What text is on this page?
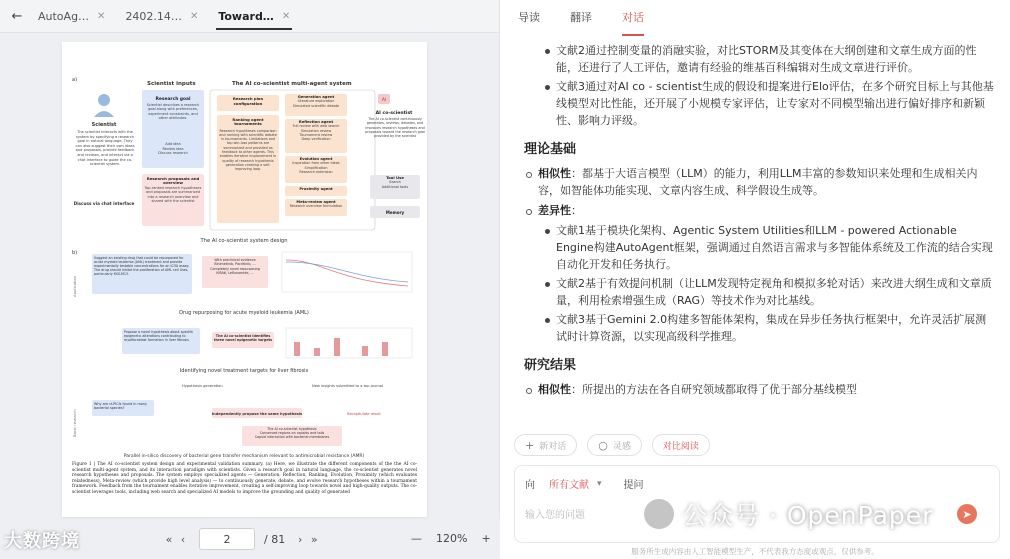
←	AutoAg… ✕ 2402.14… ✕ Toward… ✕
a)
Scientist inputs	The AI co-scientist multi-agent system
Scientist
The scientist interacts with the system by specifying a research goal in natural language. They can also suggest their own ideas and proposals, provide feedback and reviews, and interact via a chat interface to guide the co-scientist system.
Discuss via chat interface
Research goal
Scientist describes a research goal along with preferences, experiment constraints, and other attributes.
Add idea
Review idea
Discuss research
Research proposals and overview
Top-ranked research hypotheses and proposals are summarized into a research overview and shared with the scientist
Research plan configuration
Ranking agent tournaments
Research hypotheses comparison and ranking with scientific debate in tournaments. Limitations and top win-loss patterns are summarized and provided as feedback to other agents. This enables iterative improvement in quality of research hypothesis generation creating a self-improving loop.
Generation agent
Literature exploration
Simulated scientific debate
Reflection agent
Full review with web search
Simulation review
Tournament review
Deep verification
Evolution agent
Inspiration from other ideas
Simplification
Research extension
Proximity agent
Meta-review agent
Research overview formulation
AI
AI co-scientist
The AI co-scientist continuously generates, reviews, debates, and improves research hypotheses and proposals toward the research goal provided by the scientist
Tool Use
Search
Additional tools
Memory
The AI co-scientist system design
b)
Application
Basic research
Suggest an existing drug that could be repurposed for acute myeloid leukemia (AML) treatment and provide experimentally testable concentrations for an IC50 assay. The drug should inhibit the proliferation of AML cell lines, particularly MOLM13.
With preclinical evidence
Binimetinib, Pacritinib, ...
Completely novel repurposing
KIRA6, Leflunomide, ...
Drug repurposing for acute myeloid leukemia (AML)
Propose a novel hypothesis about specific epigenetic alterations contributing to myofibroblast formation in liver fibrosis
The AI co-scientist identifies three novel epigenetic targets
Identifying novel treatment targets for liver fibrosis
Why are cf-PICIs found in many bacterial species?
Hypothesis generation	New insights submitted to a top journal
Independently propose the same hypothesis	Recapitulate result
The AI co-scientist hypothesis
Conserved regions on capsids and tails
Capsid interaction with bacterial membranes
Parallel in-silico discovery of bacterial gene transfer mechanism relevant to antimicrobial resistance (AMR)
Figure 1 | The AI co-scientist system design and experimental validation summary. (a) Here, we illustrate the different components of the the AI co-scientist multi-agent system, and its interaction paradigm with scientists. Given a research goal in natural language, the co-scientist generates novel research hypotheses and proposals. The system employs specialized agents — Generation, Reflection, Ranking, Evolution, Proximity (which evaluates relatedness), Meta-review (which provide high level analysis) — to continuously generate, debate, and evolve research hypotheses within a tournament framework. Feedback from the tournament enables iterative improvement, creating a self-improving loop towards novel and high-quality outputs. The co-scientist leverages tools, including web search and specialized AI models to improve the grounding and quality of generated
大数跨境	« ‹	2	/ 81	› »	— 120% +
导读	翻译	对话
文献2通过控制变量的消融实验，对比STORM及其变体在大纲创建和文章生成方面的性能，还进行了人工评估，邀请有经验的维基百科编辑对生成文章进行评价。
文献3通过对AI co - scientist生成的假设和提案进行Elo评估，在多个研究目标上与其他基线模型对比性能，还开展了小规模专家评估，让专家对不同模型输出进行偏好排序和新颖性、影响力评级。
理论基础
相似性：都基于大语言模型（LLM）的能力，利用LLM丰富的参数知识来处理和生成相关内容，如智能体功能实现、文章内容生成、科学假设生成等。
差异性：
文献1基于模块化架构、Agentic System Utilities和LLM - powered Actionable Engine构建AutoAgent框架，强调通过自然语言需求与多智能体系统及工作流的结合实现自动化开发和任务执行。
文献2基于有效提问机制（让LLM发现特定视角和模拟多轮对话）来改进大纲生成和文章质量，利用检索增强生成（RAG）等技术作为对比基线。
文献3基于Gemini 2.0构建多智能体架构，集成在异步任务执行框架中，允许灵活扩展测试时计算资源，以实现高级科学推理。
研究结果
相似性：所提出的方法在各自研究领域都取得了优于部分基线模型
+ 新对话	○ 灵感	对比阅读
向 所有文献 ▾ 提问
输入您的问题	➤
公众号 · OpenPaper
服务所生成内容由人工智能模型生产，不代表我方态度或观点，仅供参考。
